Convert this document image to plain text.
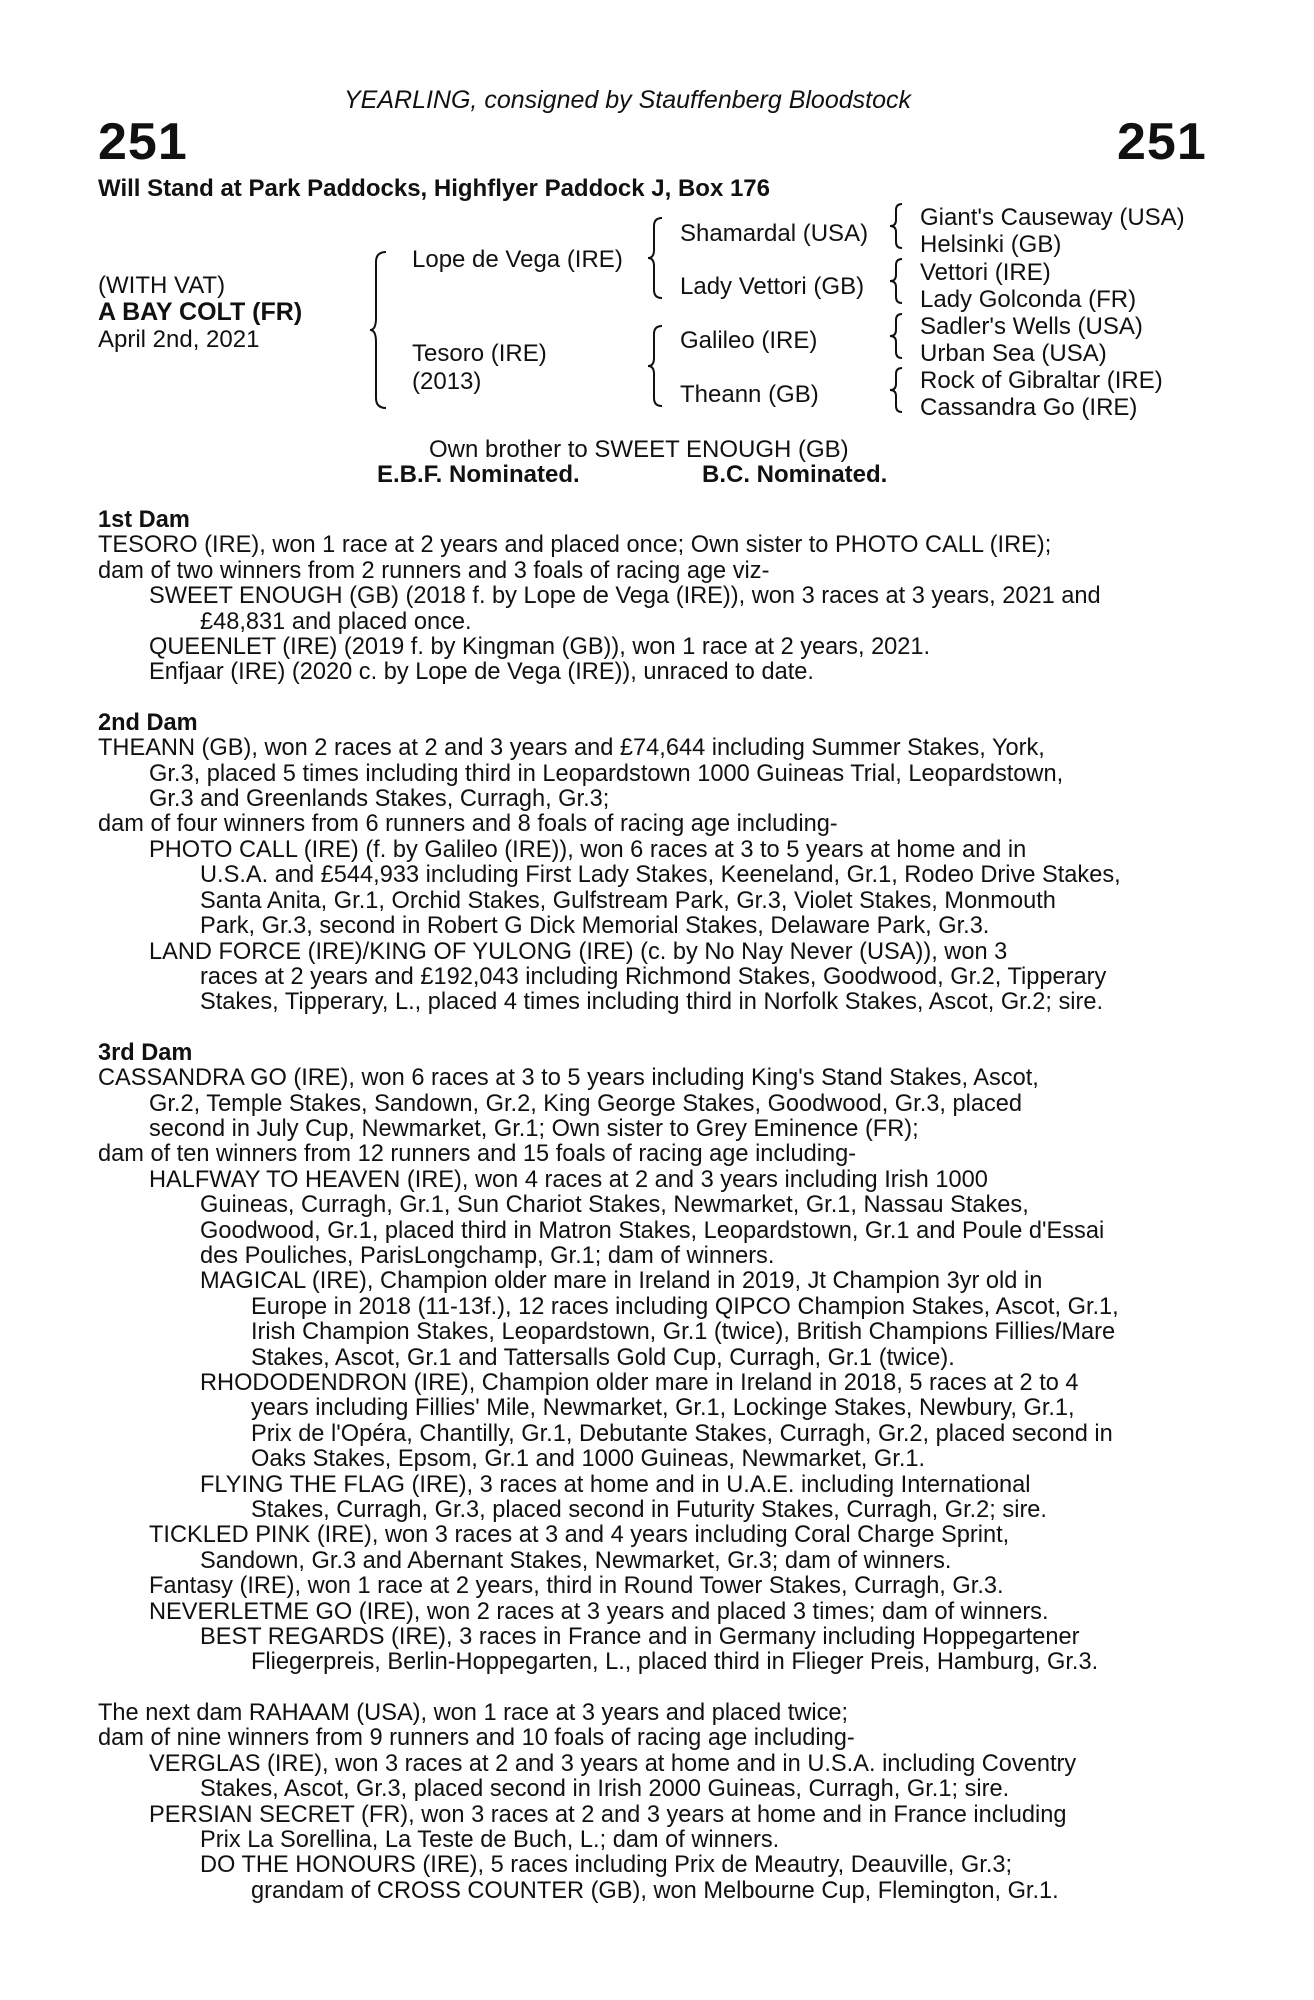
YEARLING, consigned by Stauffenberg Bloodstock
251	251
Will Stand at Park Paddocks, Highflyer Paddock J, Box 176
(WITH VAT)
A BAY COLT (FR)
April 2nd, 2021
Lope de Vega (IRE)
Tesoro (IRE)
(2013)
Shamardal (USA)
Lady Vettori (GB)
Galileo (IRE)
Theann (GB)
Giant's Causeway (USA)
Helsinki (GB)
Vettori (IRE)
Lady Golconda (FR)
Sadler's Wells (USA)
Urban Sea (USA)
Rock of Gibraltar (IRE)
Cassandra Go (IRE)
Own brother to SWEET ENOUGH (GB)
E.B.F. Nominated.	B.C. Nominated.
1st Dam
TESORO (IRE), won 1 race at 2 years and placed once; Own sister to PHOTO CALL (IRE);
dam of two winners from 2 runners and 3 foals of racing age viz-
SWEET ENOUGH (GB) (2018 f. by Lope de Vega (IRE)), won 3 races at 3 years, 2021 and
£48,831 and placed once.
QUEENLET (IRE) (2019 f. by Kingman (GB)), won 1 race at 2 years, 2021.
Enfjaar (IRE) (2020 c. by Lope de Vega (IRE)), unraced to date.
2nd Dam
THEANN (GB), won 2 races at 2 and 3 years and £74,644 including Summer Stakes, York,
Gr.3, placed 5 times including third in Leopardstown 1000 Guineas Trial, Leopardstown,
Gr.3 and Greenlands Stakes, Curragh, Gr.3;
dam of four winners from 6 runners and 8 foals of racing age including-
PHOTO CALL (IRE) (f. by Galileo (IRE)), won 6 races at 3 to 5 years at home and in
U.S.A. and £544,933 including First Lady Stakes, Keeneland, Gr.1, Rodeo Drive Stakes,
Santa Anita, Gr.1, Orchid Stakes, Gulfstream Park, Gr.3, Violet Stakes, Monmouth
Park, Gr.3, second in Robert G Dick Memorial Stakes, Delaware Park, Gr.3.
LAND FORCE (IRE)/KING OF YULONG (IRE) (c. by No Nay Never (USA)), won 3
races at 2 years and £192,043 including Richmond Stakes, Goodwood, Gr.2, Tipperary
Stakes, Tipperary, L., placed 4 times including third in Norfolk Stakes, Ascot, Gr.2; sire.
3rd Dam
CASSANDRA GO (IRE), won 6 races at 3 to 5 years including King's Stand Stakes, Ascot,
Gr.2, Temple Stakes, Sandown, Gr.2, King George Stakes, Goodwood, Gr.3, placed
second in July Cup, Newmarket, Gr.1; Own sister to Grey Eminence (FR);
dam of ten winners from 12 runners and 15 foals of racing age including-
HALFWAY TO HEAVEN (IRE), won 4 races at 2 and 3 years including Irish 1000
Guineas, Curragh, Gr.1, Sun Chariot Stakes, Newmarket, Gr.1, Nassau Stakes,
Goodwood, Gr.1, placed third in Matron Stakes, Leopardstown, Gr.1 and Poule d'Essai
des Pouliches, ParisLongchamp, Gr.1; dam of winners.
MAGICAL (IRE), Champion older mare in Ireland in 2019, Jt Champion 3yr old in
Europe in 2018 (11-13f.), 12 races including QIPCO Champion Stakes, Ascot, Gr.1,
Irish Champion Stakes, Leopardstown, Gr.1 (twice), British Champions Fillies/Mare
Stakes, Ascot, Gr.1 and Tattersalls Gold Cup, Curragh, Gr.1 (twice).
RHODODENDRON (IRE), Champion older mare in Ireland in 2018, 5 races at 2 to 4
years including Fillies' Mile, Newmarket, Gr.1, Lockinge Stakes, Newbury, Gr.1,
Prix de l'Opéra, Chantilly, Gr.1, Debutante Stakes, Curragh, Gr.2, placed second in
Oaks Stakes, Epsom, Gr.1 and 1000 Guineas, Newmarket, Gr.1.
FLYING THE FLAG (IRE), 3 races at home and in U.A.E. including International
Stakes, Curragh, Gr.3, placed second in Futurity Stakes, Curragh, Gr.2; sire.
TICKLED PINK (IRE), won 3 races at 3 and 4 years including Coral Charge Sprint,
Sandown, Gr.3 and Abernant Stakes, Newmarket, Gr.3; dam of winners.
Fantasy (IRE), won 1 race at 2 years, third in Round Tower Stakes, Curragh, Gr.3.
NEVERLETME GO (IRE), won 2 races at 3 years and placed 3 times; dam of winners.
BEST REGARDS (IRE), 3 races in France and in Germany including Hoppegartener
Fliegerpreis, Berlin-Hoppegarten, L., placed third in Flieger Preis, Hamburg, Gr.3.
The next dam RAHAAM (USA), won 1 race at 3 years and placed twice;
dam of nine winners from 9 runners and 10 foals of racing age including-
VERGLAS (IRE), won 3 races at 2 and 3 years at home and in U.S.A. including Coventry
Stakes, Ascot, Gr.3, placed second in Irish 2000 Guineas, Curragh, Gr.1; sire.
PERSIAN SECRET (FR), won 3 races at 2 and 3 years at home and in France including
Prix La Sorellina, La Teste de Buch, L.; dam of winners.
DO THE HONOURS (IRE), 5 races including Prix de Meautry, Deauville, Gr.3;
grandam of CROSS COUNTER (GB), won Melbourne Cup, Flemington, Gr.1.
